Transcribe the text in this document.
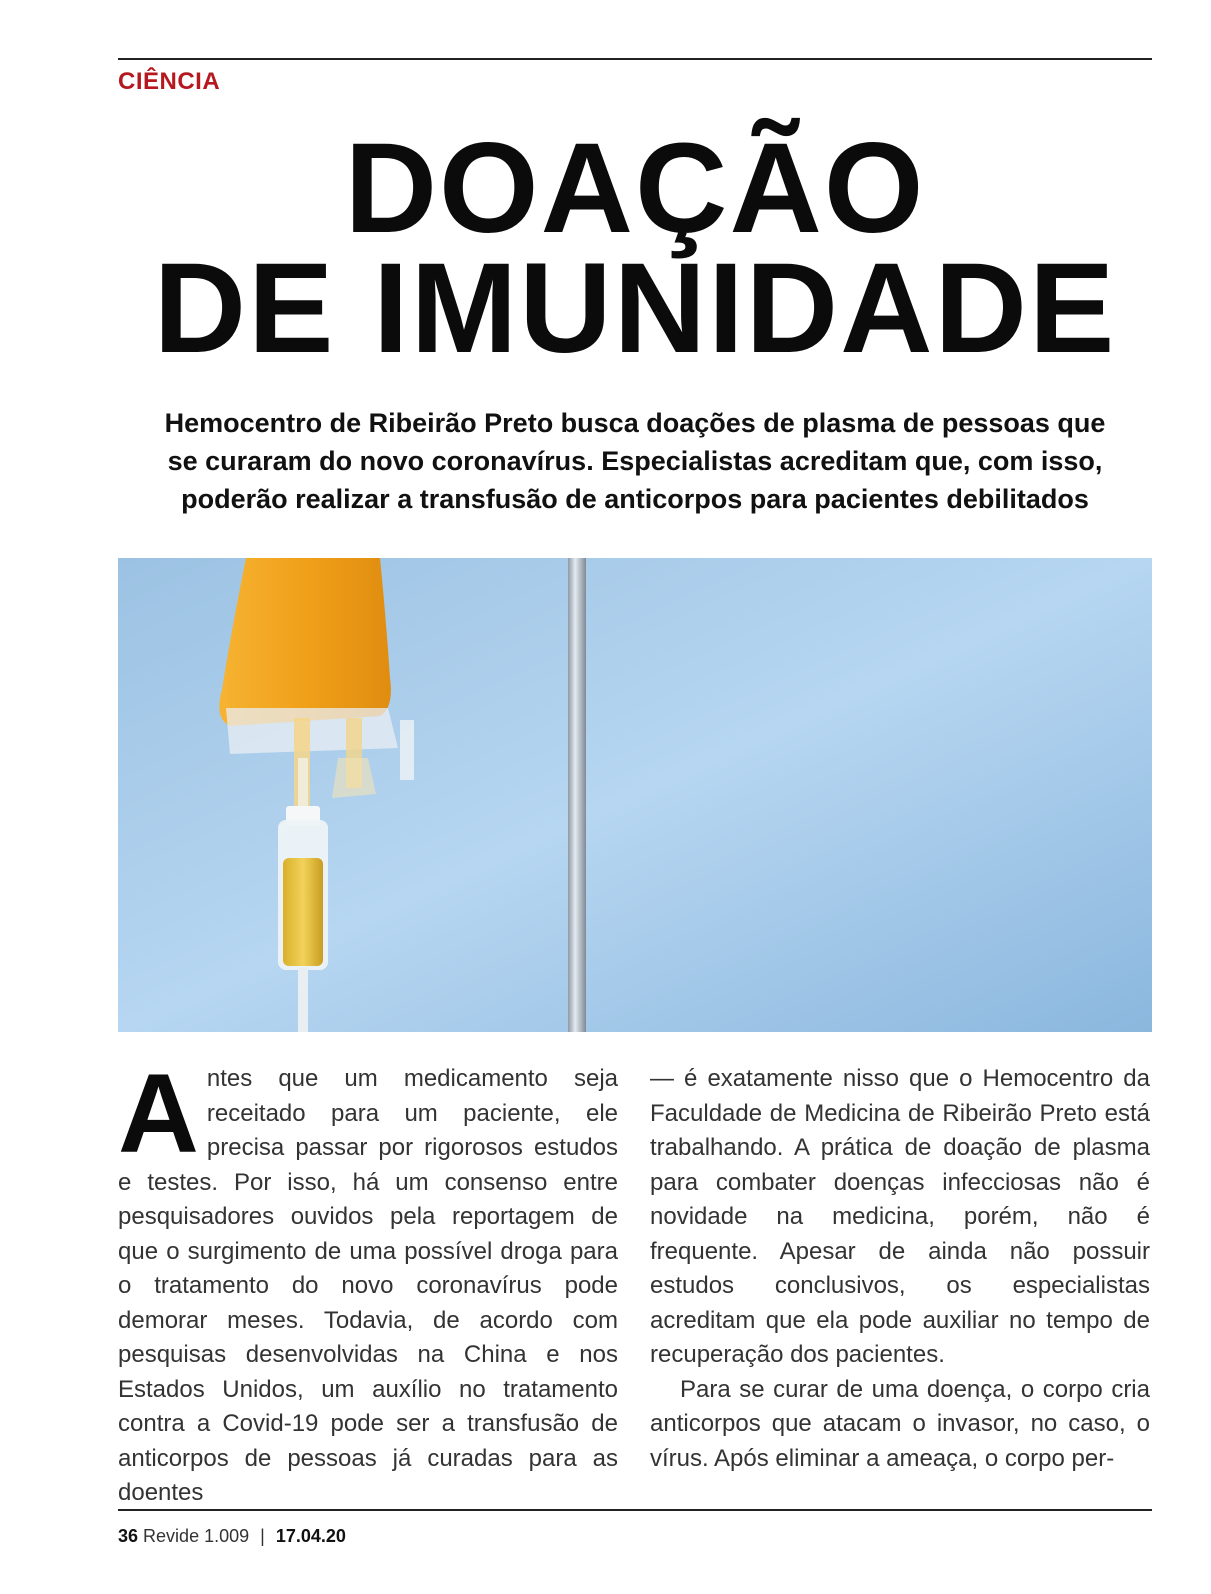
CIÊNCIA
DOAÇÃO
DE IMUNIDADE
Hemocentro de Ribeirão Preto busca doações de plasma de pessoas que
se curaram do novo coronavírus. Especialistas acreditam que, com isso,
poderão realizar a transfusão de anticorpos para pacientes debilitados

Antes que um medicamento seja receitado para um paciente, ele precisa passar por rigorosos estudos e testes. Por isso, há um consenso entre pesquisadores ouvidos pela reportagem de que o surgimento de uma possível droga para o tratamento do novo coronavírus pode demorar meses. Todavia, de acordo com pesquisas desenvolvidas na China e nos Estados Unidos, um auxílio no tratamento contra a Covid-19 pode ser a transfusão de anticorpos de pessoas já curadas para as doentes

— é exatamente nisso que o Hemocentro da Faculdade de Medicina de Ribeirão Preto está trabalhando. A prática de doação de plasma para combater doenças infecciosas não é novidade na medicina, porém, não é frequente. Apesar de ainda não possuir estudos conclusivos, os especialistas acreditam que ela pode auxiliar no tempo de recuperação dos pacientes.

Para se curar de uma doença, o corpo cria anticorpos que atacam o invasor, no caso, o vírus. Após eliminar a ameaça, o corpo per-

36 Revide 1.009 | 17.04.20
